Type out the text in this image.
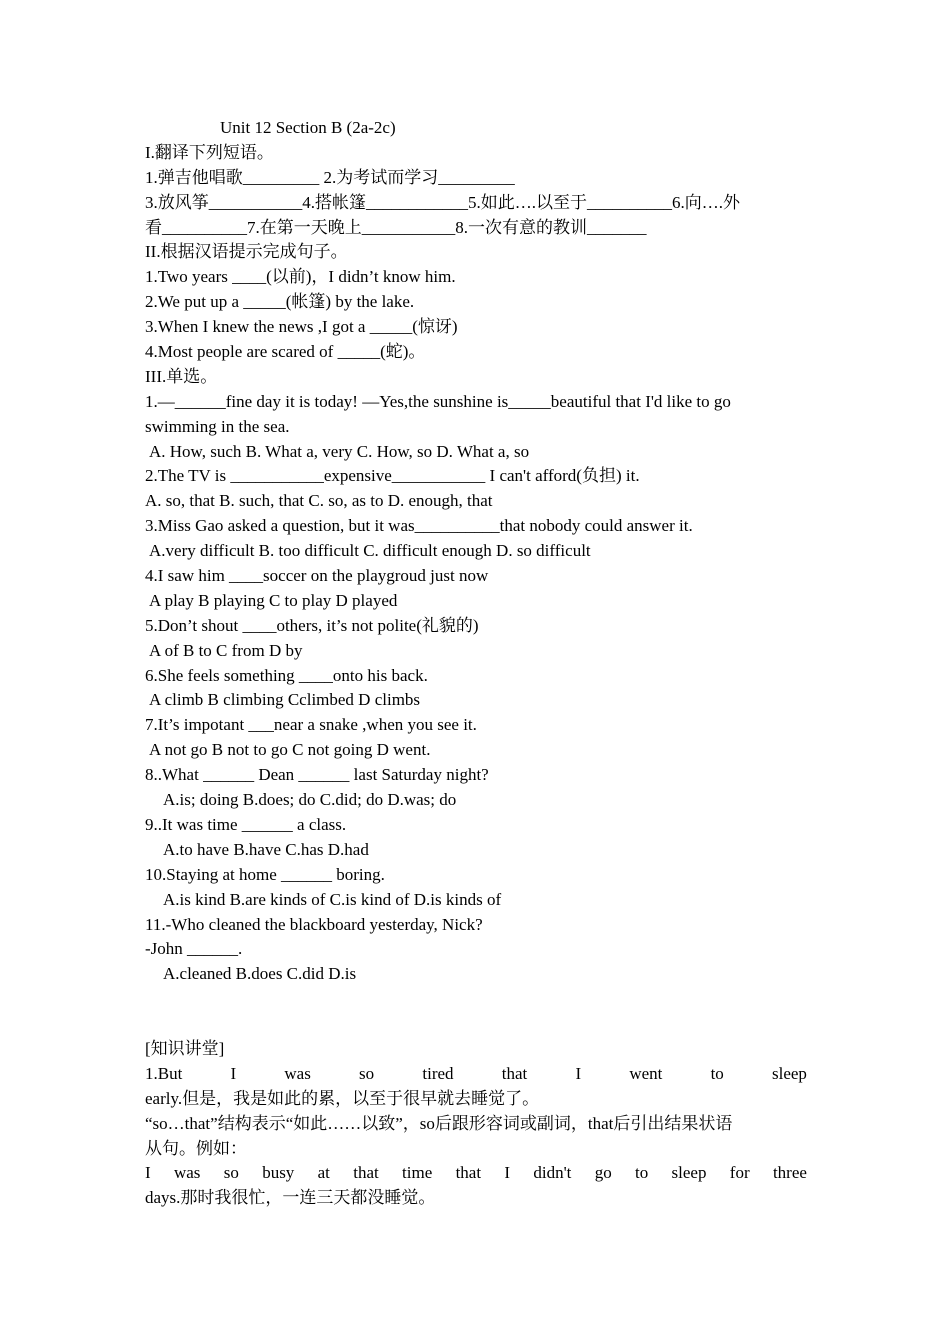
Unit 12 Section B (2a-2c)
I.翻译下列短语。
1.弹吉他唱歌_________ 2.为考试而学习_________
3.放风筝___________4.搭帐篷____________5.如此….以至于__________6.向….外
看__________7.在第一天晚上___________8.一次有意的教训_______
II.根据汉语提示完成句子。
1.Two years ____(以前)，I didn’t know him.
2.We put up a _____(帐篷) by the lake.
3.When I knew the news ,I got a _____(惊讶)
4.Most people are scared of _____(蛇)。
III.单选。
1.—______fine day it is today! —Yes,the sunshine is_____beautiful that I'd like to go
swimming in the sea.
A. How, such B. What a, very C. How, so D. What a, so
2.The TV is ___________expensive___________ I can't afford(负担) it.
A. so, that B. such, that C. so, as to D. enough, that
3.Miss Gao asked a question, but it was__________that nobody could answer it.
A.very difficult B. too difficult C. difficult enough D. so difficult
4.I saw him ____soccer on the playgroud just now
A play B playing C to play D played
5.Don’t shout ____others, it’s not polite(礼貌的)
A of B to C from D by
6.She feels something ____onto his back.
A climb B climbing Cclimbed D climbs
7.It’s impotant ___near a snake ,when you see it.
A not go B not to go C not going D went.
8..What ______ Dean ______ last Saturday night?
A.is; doing B.does; do C.did; do D.was; do
9..It was time ______ a class.
A.to have B.have C.has D.had
10.Staying at home ______ boring.
A.is kind B.are kinds of C.is kind of D.is kinds of
11.-Who cleaned the blackboard yesterday, Nick?
-John ______.
A.cleaned B.does C.did D.is
[知识讲堂]
1.But	I	was	so	tired	that	I	went	to	sleep
early.但是，我是如此的累，以至于很早就去睡觉了。
“so…that”结构表示“如此……以致”，so后跟形容词或副词，that后引出结果状语
从句。例如：
I was so busy at that time that I didn't go to sleep for three
days.那时我很忙，一连三天都没睡觉。
